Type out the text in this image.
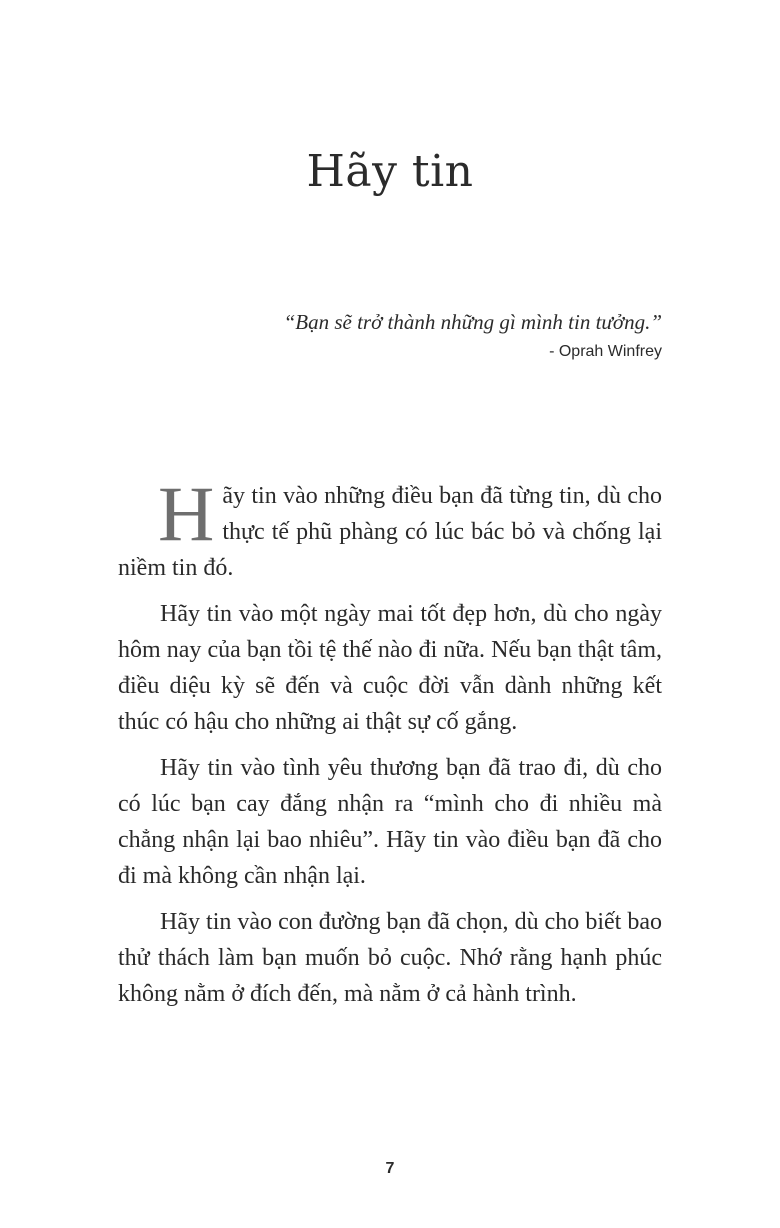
Hãy tin
“Bạn sẽ trở thành những gì mình tin tưởng.”
- Oprah Winfrey

Hãy tin vào những điều bạn đã từng tin, dù cho thực tế phũ phàng có lúc bác bỏ và chống lại niềm tin đó.

Hãy tin vào một ngày mai tốt đẹp hơn, dù cho ngày hôm nay của bạn tồi tệ thế nào đi nữa. Nếu bạn thật tâm, điều diệu kỳ sẽ đến và cuộc đời vẫn dành những kết thúc có hậu cho những ai thật sự cố gắng.

Hãy tin vào tình yêu thương bạn đã trao đi, dù cho có lúc bạn cay đắng nhận ra “mình cho đi nhiều mà chẳng nhận lại bao nhiêu”. Hãy tin vào điều bạn đã cho đi mà không cần nhận lại.

Hãy tin vào con đường bạn đã chọn, dù cho biết bao thử thách làm bạn muốn bỏ cuộc. Nhớ rằng hạnh phúc không nằm ở đích đến, mà nằm ở cả hành trình.

7
